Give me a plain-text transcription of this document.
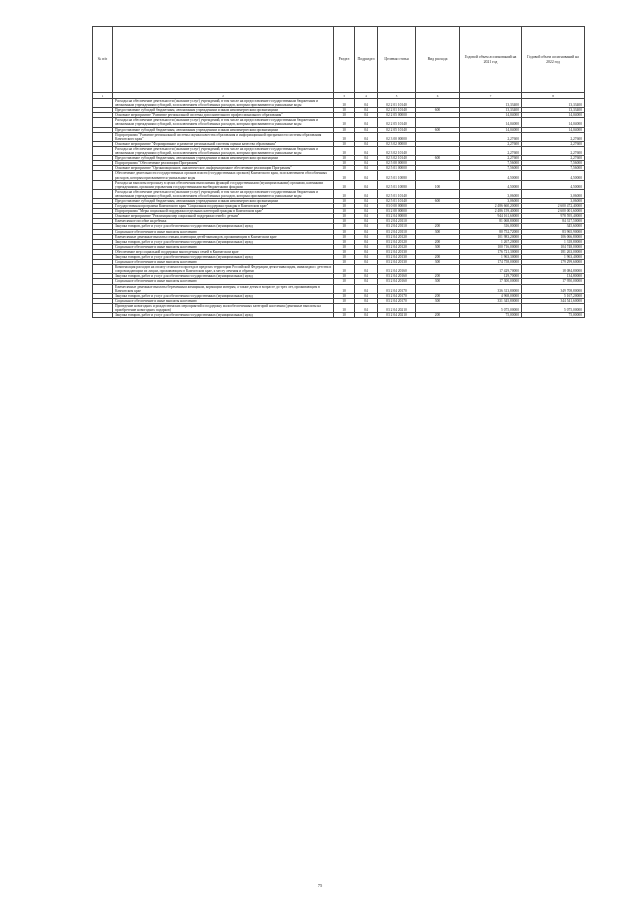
№ п/п		Раздел	Подраздел	Целевая статья	Вид расхода	Годовой объем ассигнований на 2021 год	Годовой объем ассигнований на 2022 год
1	2	3	4	5	6	7	8
	Расходы на обеспечение деятельности (оказание услуг) учреждений, в том числе на предоставление государственным бюджетным и автономным учреждениям субсидий, за исключением обособленных расходов, которым присваиваются уникальные коды	10	04	02 2 01 10140		13,33400	13,33400
	Предоставление субсидий бюджетным, автономным учреждениям и иным некоммерческим организациям	10	04	02 2 01 10140	600	13,33400	13,33400
	Основное мероприятие "Развитие региональной системы дополнительного профессионального образования"	10	04	02 2 05 00000		14,04000	14,04000
	Расходы на обеспечение деятельности (оказание услуг) учреждений, в том числе на предоставление государственным бюджетным и автономным учреждениям субсидий, за исключением обособленных расходов, которым присваиваются уникальные коды	10	04	02 2 05 10140		14,04000	14,04000
	Предоставление субсидий бюджетным, автономным учреждениям и иным некоммерческим организациям	10	04	02 2 05 10140	600	14,04000	14,04000
	Подпрограмма "Развитие региональной системы оценки качества образования и информационной прозрачности системы образования Камчатского края"	10	04	02 3 00 00000		2,27600	2,27600
	Основное мероприятие "Формирование и развитие региональной системы оценки качества образования"	10	04	02 3 02 00000		2,27600	2,27600
	Расходы на обеспечение деятельности (оказание услуг) учреждений, в том числе на предоставление государственным бюджетным и автономным учреждениям субсидий, за исключением обособленных расходов, которым присваиваются уникальные коды	10	04	02 3 02 10140		2,27600	2,27600
	Предоставление субсидий бюджетным, автономным учреждениям и иным некоммерческим организациям	10	04	02 3 02 10140	600	2,27600	2,27600
	Подпрограмма "Обеспечение реализации Программы"	10	04	02 5 00 00000		7,56000	7,56000
	Основное мероприятие "Организационное, аналитическое, информационное обеспечение реализации Программы"	10	04	02 5 01 00000		7,56000	7,56000
	Обеспечение деятельности государственных органов власти (государственных органов) Камчатского края, за исключением обособленных расходов, которым присваиваются уникальные коды	10	04	02 5 01 10080		4,50000	4,50000
	Расходы на выплаты персоналу в целях обеспечения выполнения функций государственными (муниципальными) органами, казенными учреждениями, органами управления государственными внебюджетными фондами	10	04	02 5 01 10080	100	4,50000	4,50000
	Расходы на обеспечение деятельности (оказание услуг) учреждений, в том числе на предоставление государственным бюджетным и автономным учреждениям субсидий, за исключением обособленных расходов, которым присваиваются уникальные коды	10	04	02 5 01 10140		3,06000	3,06000
	Предоставление субсидий бюджетным, автономным учреждениям и иным некоммерческим организациям	10	04	02 5 01 10140	600	3,06000	3,06000
	Государственная программа Камчатского края "Социальная поддержка граждан в Камчатском крае"	10	04	03 0 00 00000		2 486 660,20000	2 600 472,40000
	Подпрограмма "Меры социальной поддержки отдельных категорий граждан в Камчатском крае"	10	04	03 2 00 00000		2 486 159,40000	2 600 001,60000
	Основное мероприятие "Реализация мер социальной поддержки семей с детьми"	10	04	03 2 04 00000		944 161,60000	978 595,40000
	Ежемесячное пособие на ребенка	10	04	03 2 04 20110		81 068,80000	84 317,50000
	Закупка товаров, работ и услуг для обеспечения государственных (муниципальных) нужд	10	04	03 2 04 20110	200	316,00000	345,60000
	Социальное обеспечение и иные выплаты населению	10	04	03 2 04 20110	300	80 752,72000	83 965,90000
	Ежемесячные денежные выплаты семьям, имеющим детей-инвалидов, проживающим в Камчатском крае	10	04	03 2 04 20120		101 983,20000	106 066,80000
	Закупка товаров, работ и услуг для обеспечения государственных (муниципальных) нужд	10	04	03 2 04 20120	200	1 267,20000	1 318,80000
	Социальное обеспечение и иные выплаты населению	10	04	03 2 04 20120	300	100 716,00000	104 748,00000
	Обеспечение мер социальной поддержки многодетных семей в Камчатском крае	10	04	03 2 04 20130		176 721,30000	181 263,00000
	Закупка товаров, работ и услуг для обеспечения государственных (муниципальных) нужд	10	04	03 2 04 20130	200	1 963,30000	1 963,40000
	Социальное обеспечение и иные выплаты населению	10	04	03 2 04 20130	300	174 758,00000	179 299,60000
	Компенсация расходов на оплату стоимости проезда в пределах территории Российской Федерации детям-инвалидам, инвалидам с детства и сопровождающим их лицам, проживающим в Камчатском крае, к месту лечения и обратно	10	04	03 2 04 20160		17 429,70000	18 084,80000
	Закупка товаров, работ и услуг для обеспечения государственных (муниципальных) нужд	10	04	03 2 04 20160	200	129,70000	134,80000
	Социальное обеспечение и иные выплаты населению	10	04	03 2 04 20160	300	17 300,00000	17 950,00000
	Ежемесячные денежные выплаты беременным женщинам, кормящим матерям, а также детям в возрасте до трех лет, проживающим в Камчатском крае	10	04	03 2 04 20170		336 313,80000	349 708,80000
	Закупка товаров, работ и услуг для обеспечения государственных (муниципальных) нужд	10	04	03 2 04 20170	200	4 968,00000	5 167,20000
	Социальное обеспечение и иные выплаты населению	10	04	03 2 04 20170	300	331 345,80000	344 541,60000
	Проведение новогодних и рождественских мероприятий и поддержку малообеспеченных категорий населения (денежные выплаты на приобретение новогодних подарков)	10	04	03 2 04 20210		5 075,00000	5 075,00000
	Закупка товаров, работ и услуг для обеспечения государственных (муниципальных) нужд	10	04	03 2 04 20210	200	75,00000	75,00000
75
